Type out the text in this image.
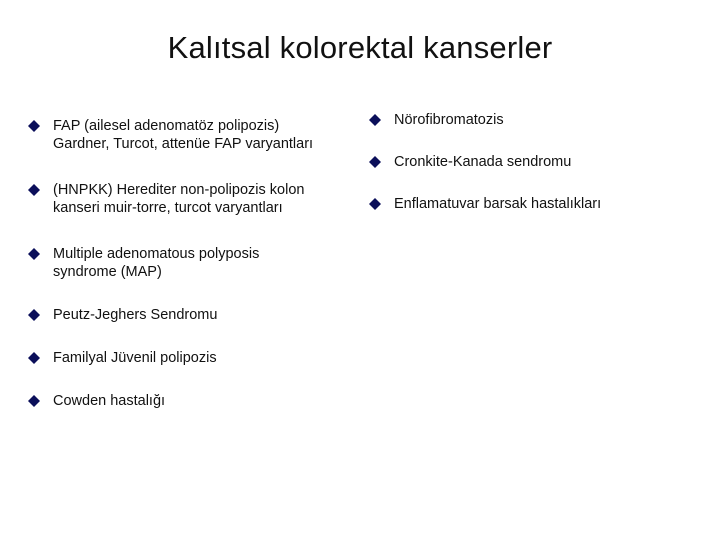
Kalıtsal kolorektal kanserler
FAP (ailesel adenomatöz polipozis)
Gardner, Turcot, attenüe FAP varyantları
(HNPKK) Herediter non-polipozis kolon
kanseri muir-torre, turcot varyantları
Multiple adenomatous polyposis
syndrome (MAP)
Peutz-Jeghers Sendromu
Familyal Jüvenil polipozis
Cowden hastalığı
Nörofibromatozis
Cronkite-Kanada sendromu
Enflamatuvar barsak hastalıkları
